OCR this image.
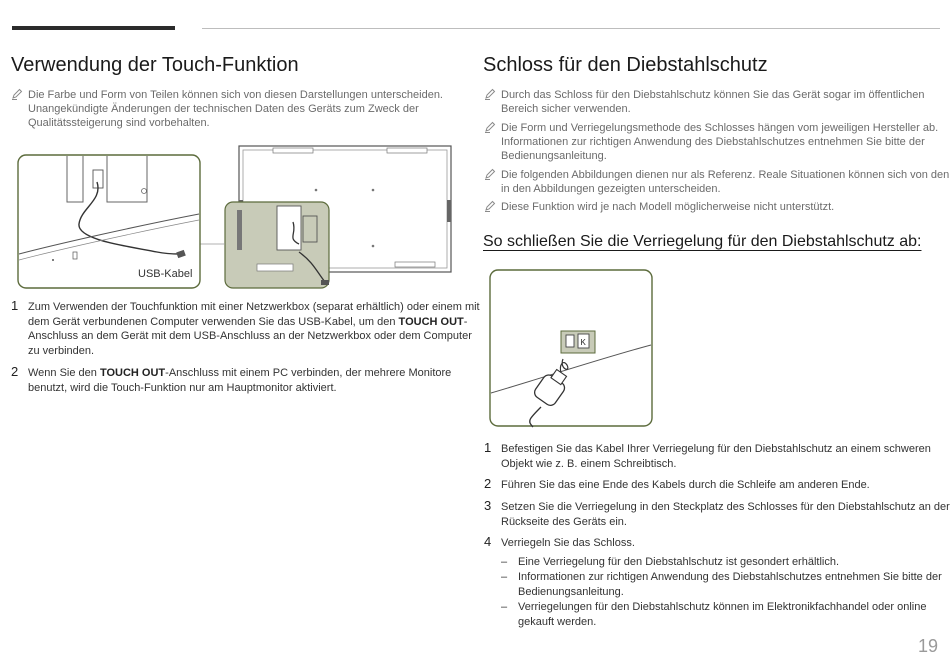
Verwendung der Touch-Funktion
Die Farbe und Form von Teilen können sich von diesen Darstellungen unterscheiden. Unangekündigte Änderungen der technischen Daten des Geräts zum Zweck der Qualitätssteigerung sind vorbehalten.
USB-Kabel
1 Zum Verwenden der Touchfunktion mit einer Netzwerkbox (separat erhältlich) oder einem mit dem Gerät verbundenen Computer verwenden Sie das USB-Kabel, um den TOUCH OUT-Anschluss an dem Gerät mit dem USB-Anschluss an der Netzwerkbox oder dem Computer zu verbinden.
2 Wenn Sie den TOUCH OUT-Anschluss mit einem PC verbinden, der mehrere Monitore benutzt, wird die Touch-Funktion nur am Hauptmonitor aktiviert.
Schloss für den Diebstahlschutz
Durch das Schloss für den Diebstahlschutz können Sie das Gerät sogar im öffentlichen Bereich sicher verwenden.
Die Form und Verriegelungsmethode des Schlosses hängen vom jeweiligen Hersteller ab. Informationen zur richtigen Anwendung des Diebstahlschutzes entnehmen Sie bitte der Bedienungsanleitung.
Die folgenden Abbildungen dienen nur als Referenz. Reale Situationen können sich von den in den Abbildungen gezeigten unterscheiden.
Diese Funktion wird je nach Modell möglicherweise nicht unterstützt.
So schließen Sie die Verriegelung für den Diebstahlschutz ab:
K
1 Befestigen Sie das Kabel Ihrer Verriegelung für den Diebstahlschutz an einem schweren Objekt wie z. B. einem Schreibtisch.
2 Führen Sie das eine Ende des Kabels durch die Schleife am anderen Ende.
3 Setzen Sie die Verriegelung in den Steckplatz des Schlosses für den Diebstahlschutz an der Rückseite des Geräts ein.
4 Verriegeln Sie das Schloss.
– Eine Verriegelung für den Diebstahlschutz ist gesondert erhältlich.
– Informationen zur richtigen Anwendung des Diebstahlschutzes entnehmen Sie bitte der Bedienungsanleitung.
– Verriegelungen für den Diebstahlschutz können im Elektronikfachhandel oder online gekauft werden.
19
